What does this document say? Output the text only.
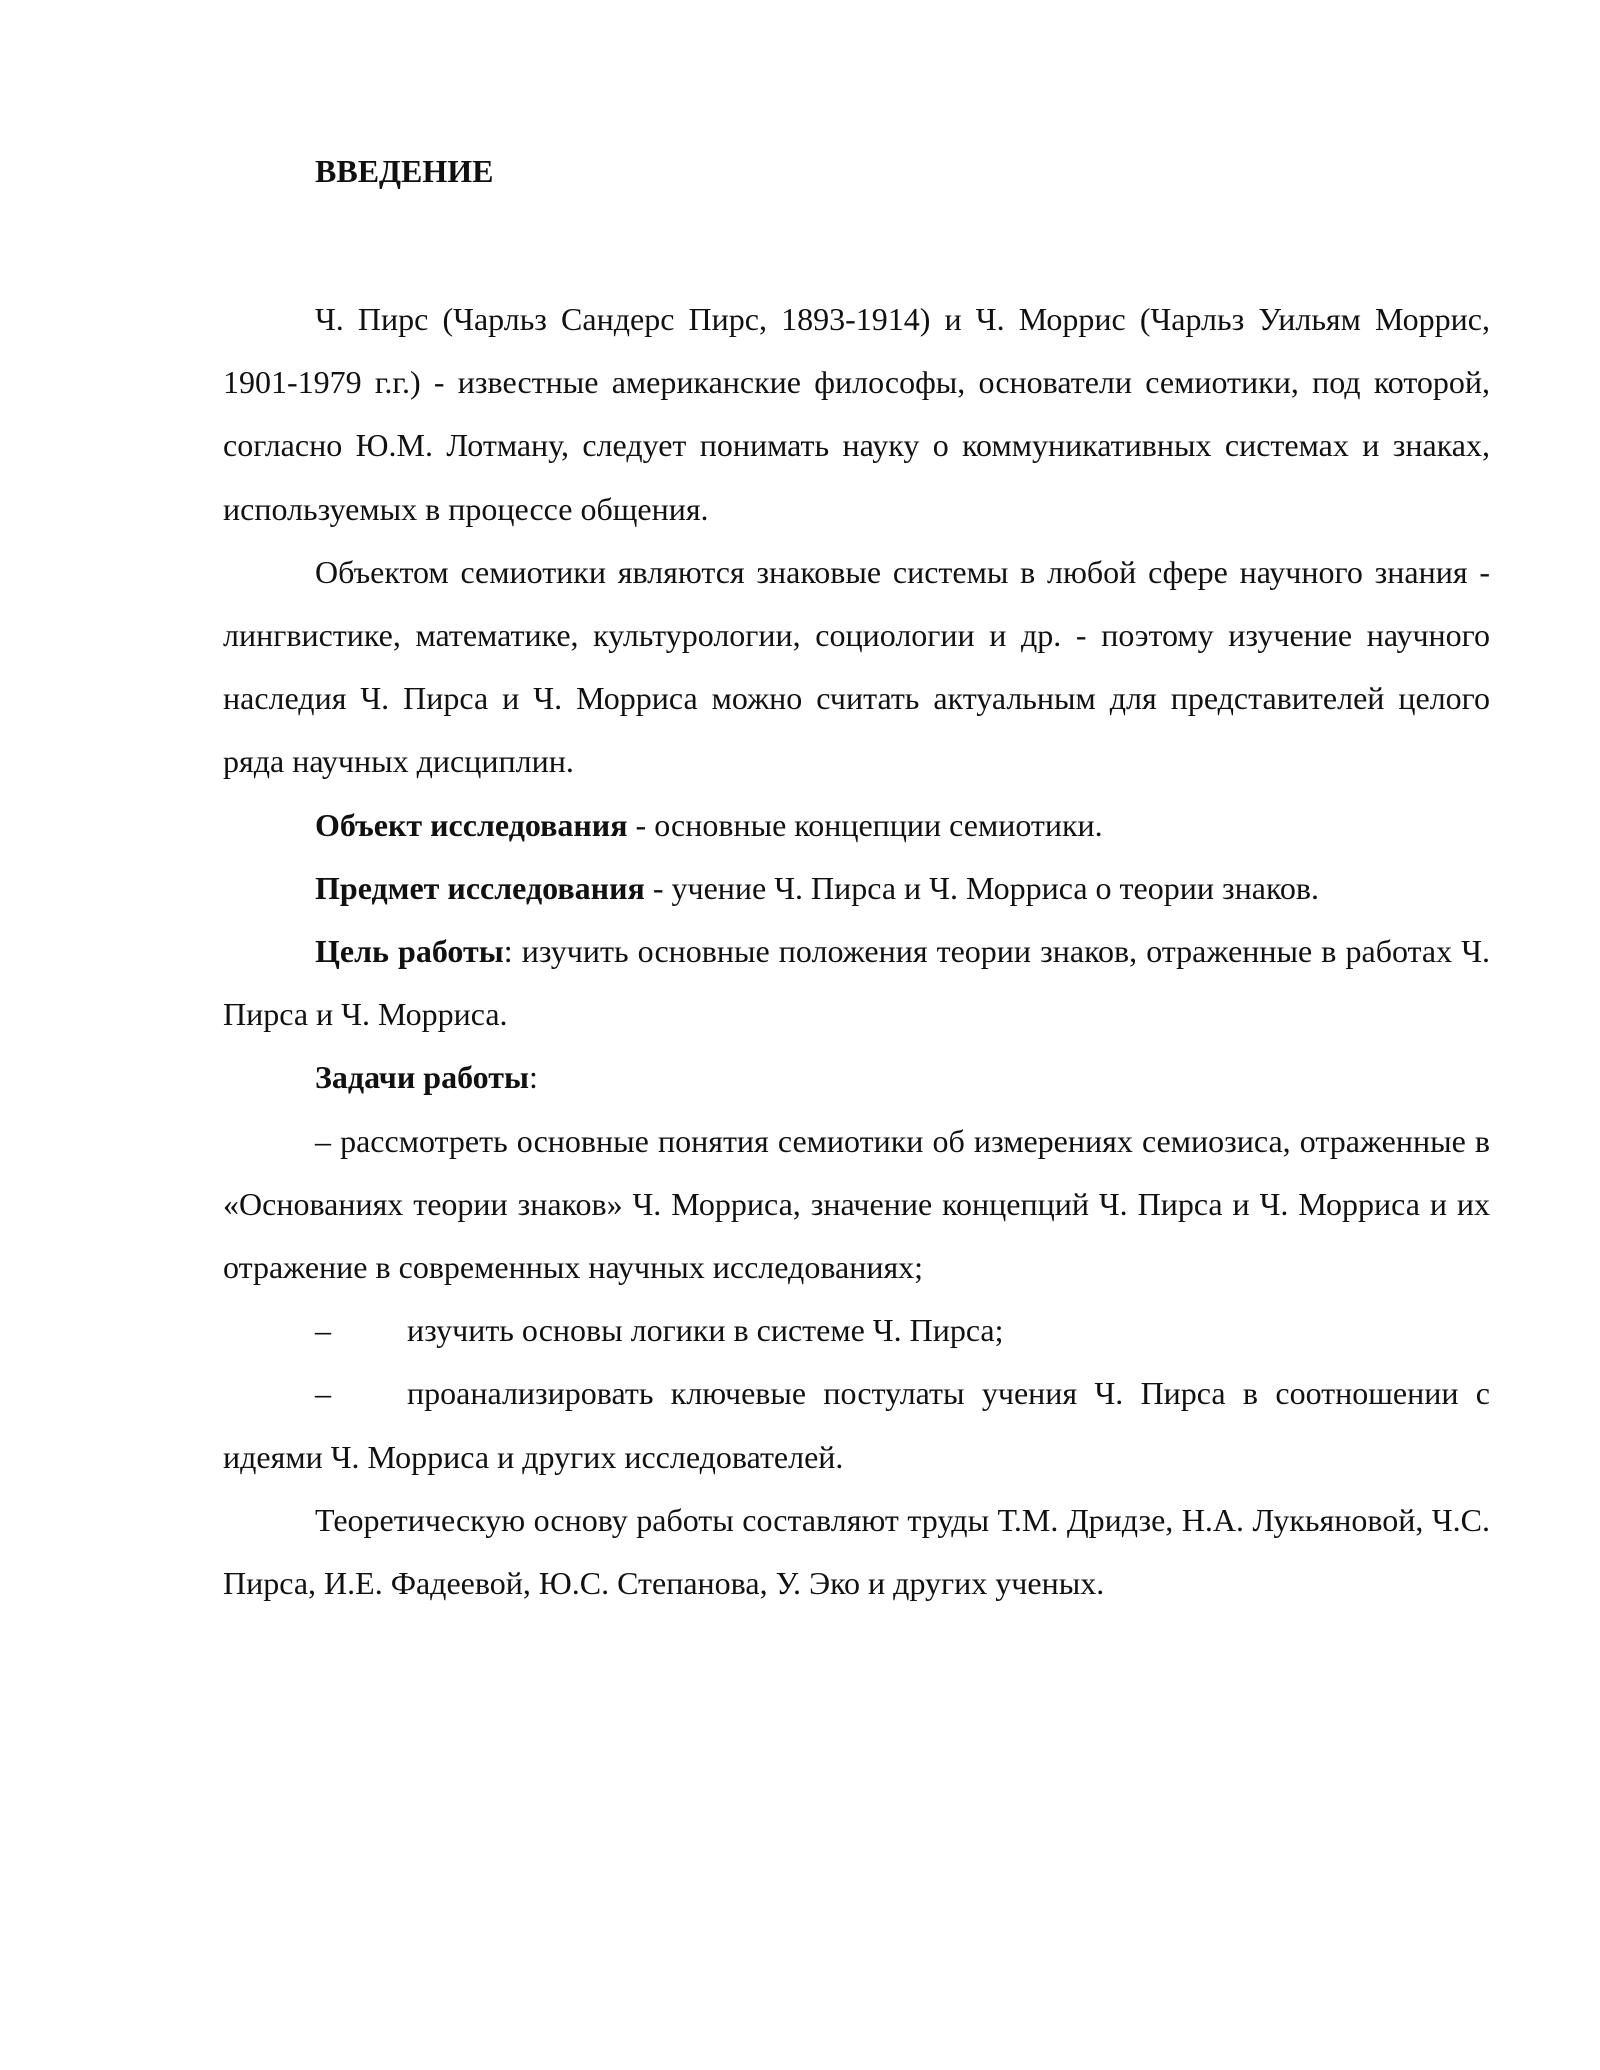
ВВЕДЕНИЕ

Ч. Пирс (Чарльз Сандерс Пирс, 1893-1914) и Ч. Моррис (Чарльз Уильям Моррис, 1901-1979 г.г.) - известные американские философы, основатели семиотики, под которой, согласно Ю.М. Лотману, следует понимать науку о коммуникативных системах и знаках, используемых в процессе общения.

Объектом семиотики являются знаковые системы в любой сфере научного знания - лингвистике, математике, культурологии, социологии и др. - поэтому изучение научного наследия Ч. Пирса и Ч. Морриса можно считать актуальным для представителей целого ряда научных дисциплин.

Объект исследования - основные концепции семиотики.

Предмет исследования - учение Ч. Пирса и Ч. Морриса о теории знаков.

Цель работы: изучить основные положения теории знаков, отраженные в работах Ч. Пирса и Ч. Морриса.

Задачи работы:

– рассмотреть основные понятия семиотики об измерениях семиозиса, отраженные в «Основаниях теории знаков» Ч. Морриса, значение концепций Ч. Пирса и Ч. Морриса и их отражение в современных научных исследованиях;

– изучить основы логики в системе Ч. Пирса;

– проанализировать ключевые постулаты учения Ч. Пирса в соотношении с идеями Ч. Морриса и других исследователей.

Теоретическую основу работы составляют труды Т.М. Дридзе, Н.А. Лукьяновой, Ч.С. Пирса, И.Е. Фадеевой, Ю.С. Степанова, У. Эко и других ученых.
